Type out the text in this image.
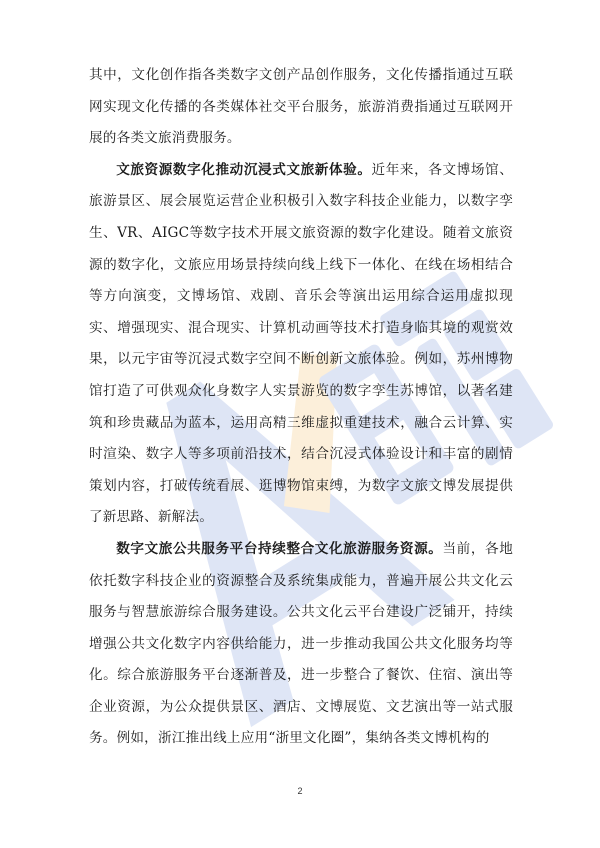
其中，文化创作指各类数字文创产品创作服务，文化传播指通过互联网实现文化传播的各类媒体社交平台服务，旅游消费指通过互联网开展的各类文旅消费服务。

文旅资源数字化推动沉浸式文旅新体验。近年来，各文博场馆、旅游景区、展会展览运营企业积极引入数字科技企业能力，以数字孪生、VR、AIGC等数字技术开展文旅资源的数字化建设。随着文旅资源的数字化，文旅应用场景持续向线上线下一体化、在线在场相结合等方向演变，文博场馆、戏剧、音乐会等演出运用综合运用虚拟现实、增强现实、混合现实、计算机动画等技术打造身临其境的观赏效果，以元宇宙等沉浸式数字空间不断创新文旅体验。例如，苏州博物馆打造了可供观众化身数字人实景游览的数字孪生苏博馆，以著名建筑和珍贵藏品为蓝本，运用高精三维虚拟重建技术，融合云计算、实时渲染、数字人等多项前沿技术，结合沉浸式体验设计和丰富的剧情策划内容，打破传统看展、逛博物馆束缚，为数字文旅文博发展提供了新思路、新解法。

数字文旅公共服务平台持续整合文化旅游服务资源。当前，各地依托数字科技企业的资源整合及系统集成能力，普遍开展公共文化云服务与智慧旅游综合服务建设。公共文化云平台建设广泛铺开，持续增强公共文化数字内容供给能力，进一步推动我国公共文化服务均等化。综合旅游服务平台逐渐普及，进一步整合了餐饮、住宿、演出等企业资源，为公众提供景区、酒店、文博展览、文艺演出等一站式服务。例如，浙江推出线上应用“浙里文化圈”，集纳各类文博机构的

2
